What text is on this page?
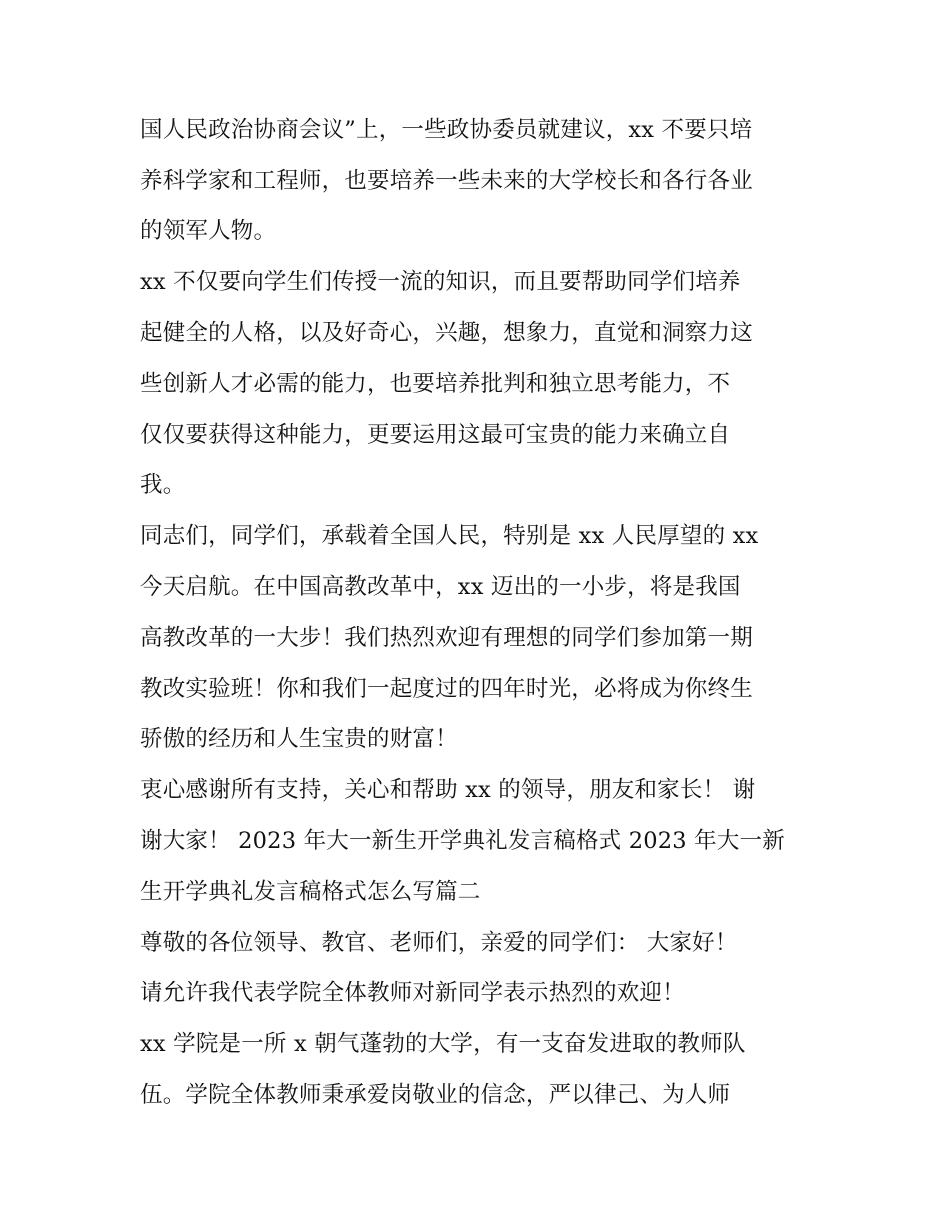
国人民政治协商会议”上，一些政协委员就建议，xx 不要只培
养科学家和工程师，也要培养一些未来的大学校长和各行各业
的领军人物。
xx 不仅要向学生们传授一流的知识，而且要帮助同学们培养
起健全的人格，以及好奇心，兴趣，想象力，直觉和洞察力这
些创新人才必需的能力，也要培养批判和独立思考能力，不
仅仅要获得这种能力，更要运用这最可宝贵的能力来确立自
我。
同志们，同学们，承载着全国人民，特别是 xx 人民厚望的 xx
今天启航。在中国高教改革中，xx 迈出的一小步，将是我国
高教改革的一大步！我们热烈欢迎有理想的同学们参加第一期
教改实验班！你和我们一起度过的四年时光，必将成为你终生
骄傲的经历和人生宝贵的财富！
衷心感谢所有支持，关心和帮助 xx 的领导，朋友和家长！ 谢
谢大家！ 2023 年大一新生开学典礼发言稿格式 2023 年大一新
生开学典礼发言稿格式怎么写篇二
尊敬的各位领导、教官、老师们，亲爱的同学们： 大家好！
请允许我代表学院全体教师对新同学表示热烈的欢迎！
xx 学院是一所 x 朝气蓬勃的大学，有一支奋发进取的教师队
伍。学院全体教师秉承爱岗敬业的信念，严以律己、为人师
